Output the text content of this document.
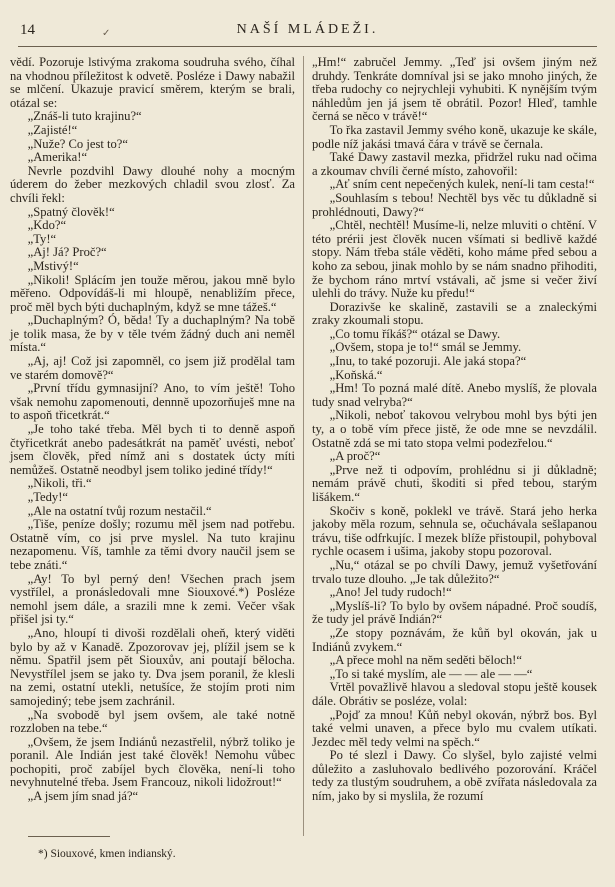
14	✓	NAŠÍ MLÁDEŽI.

vědí. Pozoruje lstivýma zrakoma soudruha svého, číhal na vhodnou příležitost k odvetě. Posléze i Dawy nabažil se mlčení. Ukazuje pravicí směrem, kterým se brali, otázal se:

„Znáš-li tuto krajinu?“

„Zajisté!“

„Nuže? Co jest to?“

„Amerika!“

Nevrle pozdvihl Dawy dlouhé nohy a mocným úderem do žeber mezkových chladil svou zlosť. Za chvíli řekl:

„Spatný člověk!“

„Kdo?“

„Ty!“

„Aj! Já? Proč?“

„Mstivý!“

„Nikoli! Splácím jen touže měrou, jakou mně bylo měřeno. Odpovídáš-li mi hloupě, nenabližím přece, proč měl bych býti duchaplným, když se mne tážeš.“

„Duchaplným? Ó, běda! Ty a duchaplným? Na tobě je tolik masa, že by v těle tvém žádný duch ani neměl místa.“

„Aj, aj! Což jsi zapomněl, co jsem již prodělal tam ve starém domově?“

„První třídu gymnasijní? Ano, to vím ještě! Toho však nemohu zapomenouti, dennně upozorňuješ mne na to aspoň třicetkrát.“

„Je toho také třeba. Měl bych ti to denně aspoň čtyřicetkrát anebo padesátkrát na paměť uvésti, neboť jsem člověk, před nímž ani s dostatek úcty míti nemůžeš. Ostatně neodbyl jsem toliko jediné třídy!“

„Nikoli, tři.“

„Tedy!“

„Ale na ostatní tvůj rozum nestačil.“

„Tiše, peníze došly; rozumu měl jsem nad potřebu. Ostatně vím, co jsi prve myslel. Na tuto krajinu nezapomenu. Víš, tamhle za těmi dvory naučil jsem se tebe znáti.“

„Ay! To byl perný den! Všechen prach jsem vystřílel, a pronásledovali mne Siouxové.*) Posléze nemohl jsem dále, a srazili mne k zemi. Večer však přišel jsi ty.“

„Ano, hloupí ti divoši rozdělali oheň, který viděti bylo by až v Kanadě. Zpozorovav jej, plížil jsem se k němu. Spatřil jsem pět Siouxův, ani poutají bělocha. Nevystřílel jsem se jako ty. Dva jsem poranil, že klesli na zemi, ostatní utekli, netušíce, že stojím proti nim samojediný; tebe jsem zachránil.

„Na svobodě byl jsem ovšem, ale také notně rozzloben na tebe.“

„Ovšem, že jsem Indiánů nezastřelil, nýbrž toliko je poranil. Ale Indián jest také člověk! Nemohu vůbec pochopiti, proč zabíjel bych člověka, není-li toho nevyhnutelné třeba. Jsem Francouz, nikoli lidožrout!“

„A jsem jím snad já?“

„Hm!“ zabručel Jemmy. „Teď jsi ovšem jiným než druhdy. Tenkráte domníval jsi se jako mnoho jiných, že třeba rudochy co nejrychleji vyhubiti. K nynějším tvým náhledům jen já jsem tě obrátil. Pozor! Hleď, tamhle černá se něco v trávě!“

To řka zastavil Jemmy svého koně, ukazuje ke skále, podle níž jakási tmavá čára v trávě se černala.

Také Dawy zastavil mezka, přidržel ruku nad očima a zkoumav chvíli černé místo, zahovořil:

„Ať sním cent nepečených kulek, není-li tam cesta!“

„Souhlasím s tebou! Nechtěl bys věc tu důkladně si prohlédnouti, Dawy?“

„Chtěl, nechtěl! Musíme-li, nelze mluviti o chtění. V této prérii jest člověk nucen všímati si bedlivě každé stopy. Nám třeba stále věděti, koho máme před sebou a koho za sebou, jinak mohlo by se nám snadno přihoditi, že bychom ráno mrtví vstávali, ač jsme si večer živí ulehli do trávy. Nuže ku předu!“

Dorazivše ke skalině, zastavili se a znaleckými zraky zkoumali stopu.

„Co tomu říkáš?“ otázal se Dawy.

„Ovšem, stopa je to!“ smál se Jemmy.

„Inu, to také pozoruji. Ale jaká stopa?“

„Koňská.“

„Hm! To pozná malé dítě. Anebo myslíš, že plovala tudy snad velryba?“

„Nikoli, neboť takovou velrybou mohl bys býti jen ty, a o tobě vím přece jistě, že ode mne se nevzdálil. Ostatně zdá se mi tato stopa velmi podezřelou.“

„A proč?“

„Prve než ti odpovím, prohlédnu si ji důkladně; nemám právě chuti, škoditi si před tebou, starým lišákem.“

Skočiv s koně, poklekl ve trávě. Stará jeho herka jakoby měla rozum, sehnula se, očuchávala sešlapanou trávu, tiše odfrkujíc. I mezek blíže přistoupil, pohyboval rychle ocasem i ušima, jakoby stopu pozoroval.

„Nu,“ otázal se po chvíli Dawy, jemuž vyšetřování trvalo tuze dlouho. „Je tak důležito?“

„Ano! Jel tudy rudoch!“

„Myslíš-li? To bylo by ovšem nápadné. Proč soudíš, že tudy jel právě Indián?“

„Ze stopy poznávám, že kůň byl okován, jak u Indiánů zvykem.“

„A přece mohl na něm seděti běloch!“

„To si také myslím, ale — — ale — —“

Vrtěl považlivě hlavou a sledoval stopu ještě kousek dále. Obrátiv se posléze, volal:

„Pojď za mnou! Kůň nebyl okován, nýbrž bos. Byl také velmi unaven, a přece bylo mu cvalem utíkati. Jezdec měl tedy velmi na spěch.“

Po té slezl i Dawy. Co slyšel, bylo zajisté velmi důležito a zasluhovalo bedlivého pozorování. Kráčel tedy za tlustým soudruhem, a obě zvířata následovala za ním, jako by si myslila, že rozumí

*) Siouxové, kmen indianský.
